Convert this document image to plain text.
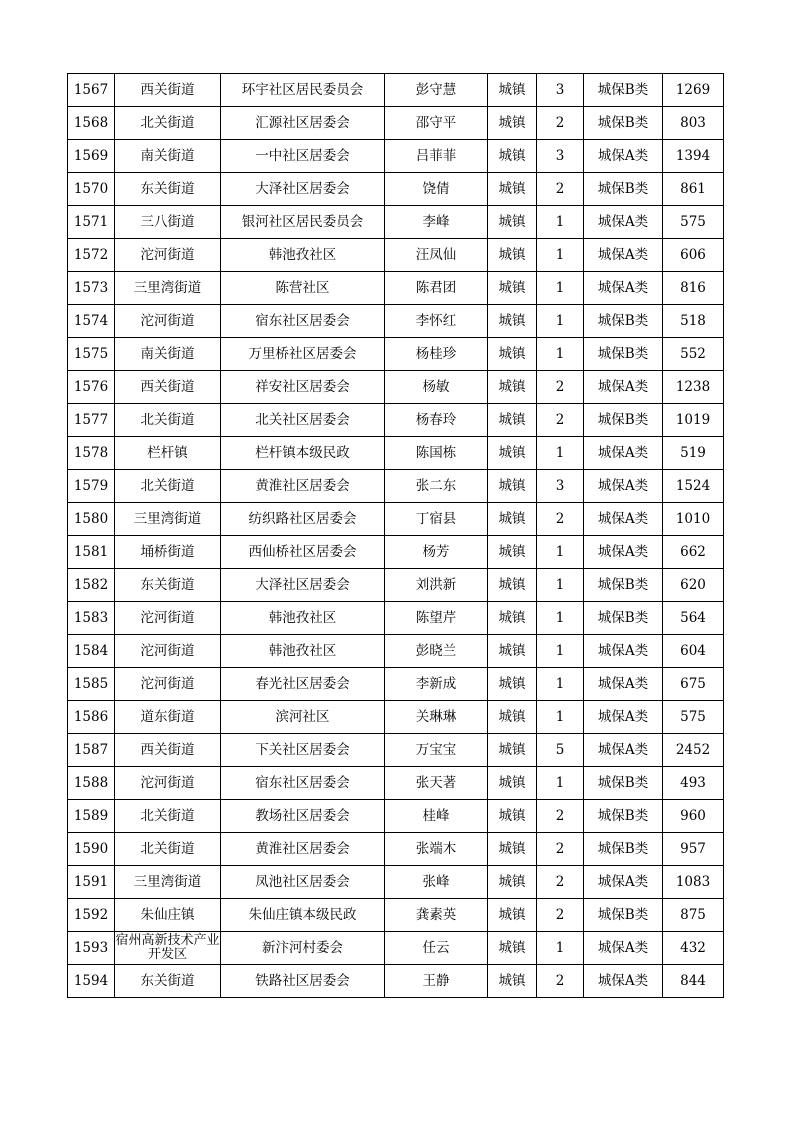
1567	西关街道	环宇社区居民委员会	彭守慧	城镇	3	城保B类	1269
1568	北关街道	汇源社区居委会	邵守平	城镇	2	城保B类	803
1569	南关街道	一中社区居委会	吕菲菲	城镇	3	城保A类	1394
1570	东关街道	大泽社区居委会	饶倩	城镇	2	城保B类	861
1571	三八街道	银河社区居民委员会	李峰	城镇	1	城保A类	575
1572	沱河街道	韩池孜社区	汪凤仙	城镇	1	城保A类	606
1573	三里湾街道	陈营社区	陈君团	城镇	1	城保A类	816
1574	沱河街道	宿东社区居委会	李怀红	城镇	1	城保B类	518
1575	南关街道	万里桥社区居委会	杨桂珍	城镇	1	城保B类	552
1576	西关街道	祥安社区居委会	杨敏	城镇	2	城保A类	1238
1577	北关街道	北关社区居委会	杨春玲	城镇	2	城保B类	1019
1578	栏杆镇	栏杆镇本级民政	陈国栋	城镇	1	城保A类	519
1579	北关街道	黄淮社区居委会	张二东	城镇	3	城保A类	1524
1580	三里湾街道	纺织路社区居委会	丁宿县	城镇	2	城保A类	1010
1581	埇桥街道	西仙桥社区居委会	杨芳	城镇	1	城保A类	662
1582	东关街道	大泽社区居委会	刘洪新	城镇	1	城保B类	620
1583	沱河街道	韩池孜社区	陈望芹	城镇	1	城保B类	564
1584	沱河街道	韩池孜社区	彭晓兰	城镇	1	城保A类	604
1585	沱河街道	春光社区居委会	李新成	城镇	1	城保A类	675
1586	道东街道	滨河社区	关琳琳	城镇	1	城保A类	575
1587	西关街道	下关社区居委会	万宝宝	城镇	5	城保A类	2452
1588	沱河街道	宿东社区居委会	张天著	城镇	1	城保B类	493
1589	北关街道	教场社区居委会	桂峰	城镇	2	城保B类	960
1590	北关街道	黄淮社区居委会	张端木	城镇	2	城保B类	957
1591	三里湾街道	凤池社区居委会	张峰	城镇	2	城保A类	1083
1592	朱仙庄镇	朱仙庄镇本级民政	龚素英	城镇	2	城保B类	875
1593	宿州高新技术产业开发区	新汴河村委会	任云	城镇	1	城保A类	432
1594	东关街道	铁路社区居委会	王静	城镇	2	城保A类	844
